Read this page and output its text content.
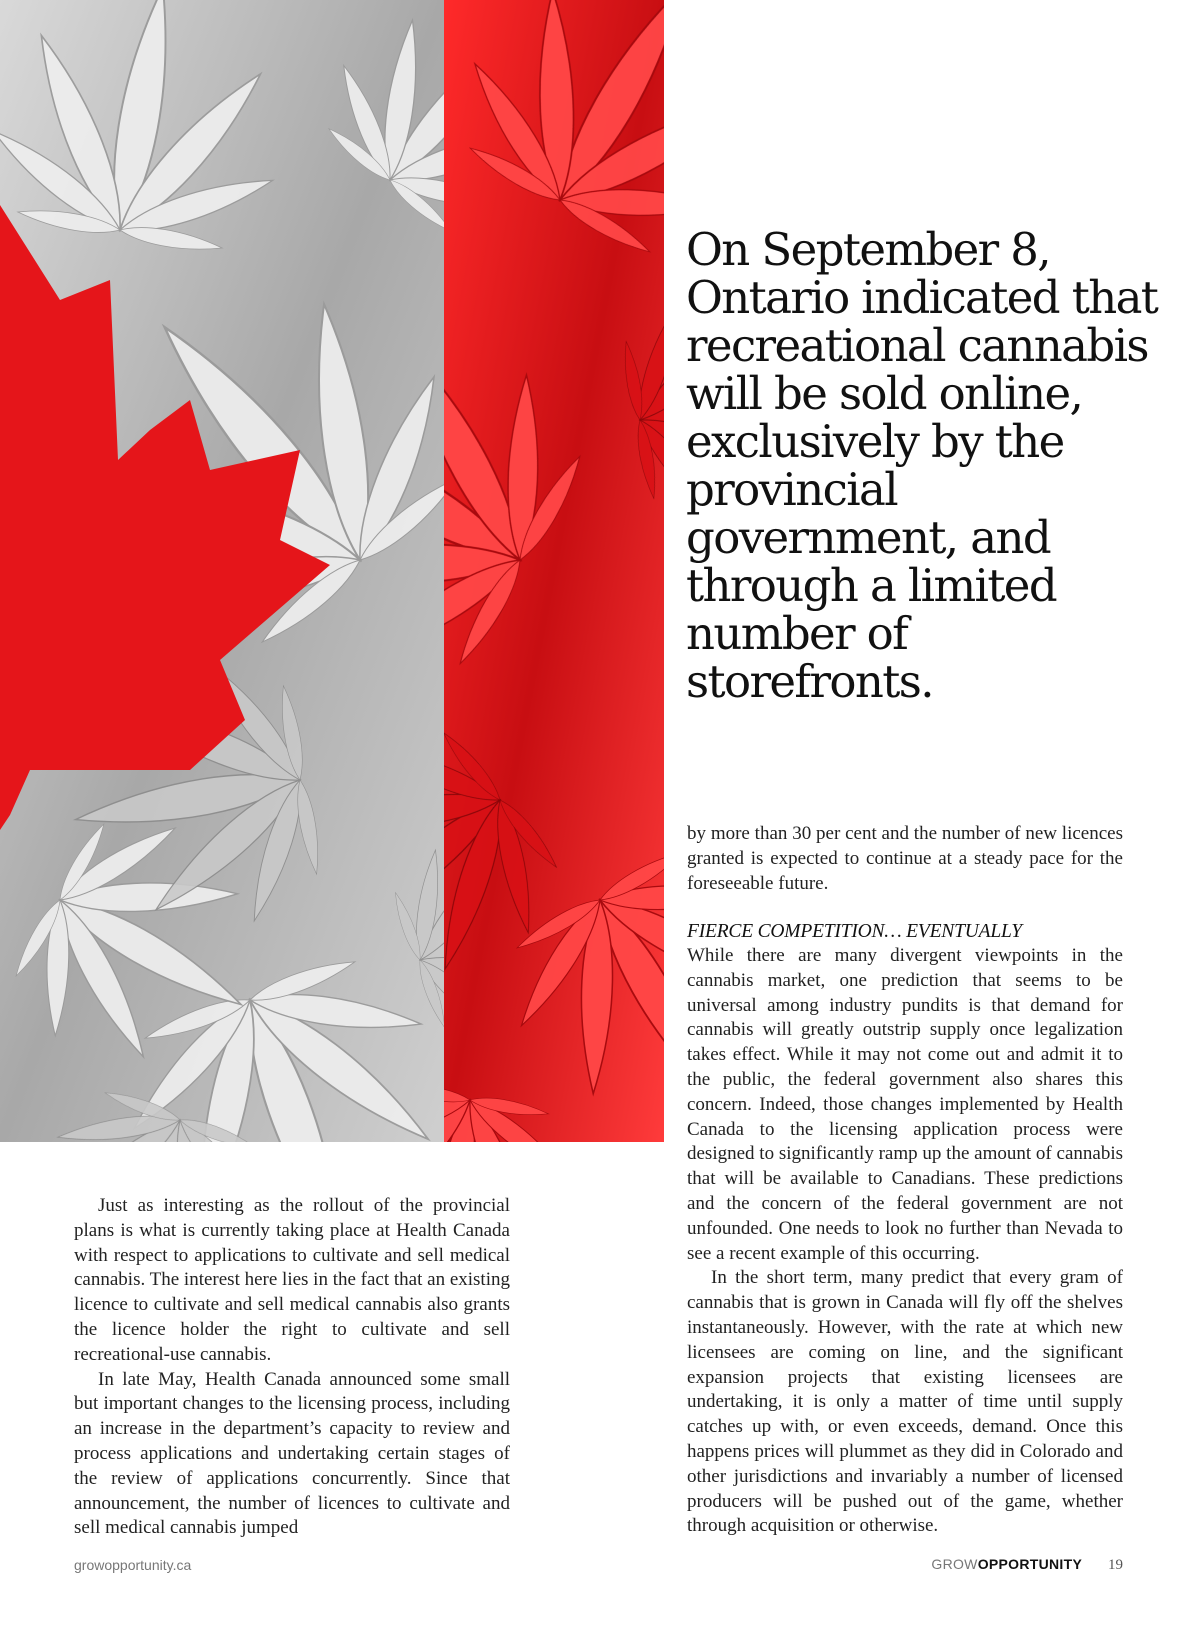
On September 8, Ontario indicated that recreational cannabis will be sold online, exclusively by the provincial government, and through a limited number of storefronts.

Just as interesting as the rollout of the provincial plans is what is currently taking place at Health Canada with respect to applications to cultivate and sell medical cannabis. The interest here lies in the fact that an existing licence to cultivate and sell medical cannabis also grants the licence holder the right to cultivate and sell recreational-use cannabis.

In late May, Health Canada announced some small but important changes to the licensing process, including an increase in the department’s capacity to review and process applications and undertaking certain stages of the review of applications concurrently. Since that announcement, the number of licences to cultivate and sell medical cannabis jumped

by more than 30 per cent and the number of new licences granted is expected to continue at a steady pace for the foreseeable future.

FIERCE COMPETITION… EVENTUALLY

While there are many divergent viewpoints in the cannabis market, one prediction that seems to be universal among industry pundits is that demand for cannabis will greatly outstrip supply once legalization takes effect. While it may not come out and admit it to the public, the federal government also shares this concern. Indeed, those changes implemented by Health Canada to the licensing application process were designed to significantly ramp up the amount of cannabis that will be available to Canadians. These predictions and the concern of the federal government are not unfounded. One needs to look no further than Nevada to see a recent example of this occurring.

In the short term, many predict that every gram of cannabis that is grown in Canada will fly off the shelves instantaneously. However, with the rate at which new licensees are coming on line, and the significant expansion projects that existing licensees are undertaking, it is only a matter of time until supply catches up with, or even exceeds, demand. Once this happens prices will plummet as they did in Colorado and other jurisdictions and invariably a number of licensed producers will be pushed out of the game, whether through acquisition or otherwise.

growopportunity.ca	GROWOPPORTUNITY 19
